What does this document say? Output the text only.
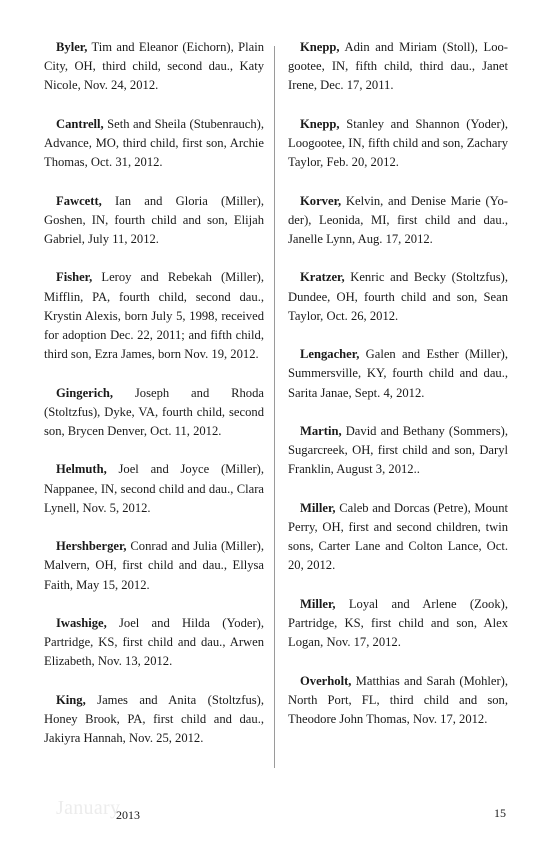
Byler, Tim and Eleanor (Eichorn), Plain City, OH, third child, second dau., Katy Nicole, Nov. 24, 2012.

Cantrell, Seth and Sheila (Stubenrauch), Advance, MO, third child, first son, Archie Thomas, Oct. 31, 2012.

Fawcett, Ian and Gloria (Miller), Goshen, IN, fourth child and son, Elijah Gabriel, July 11, 2012.

Fisher, Leroy and Rebekah (Miller), Mifflin, PA, fourth child, second dau., Krystin Alexis, born July 5, 1998, received for adoption Dec. 22, 2011; and fifth child, third son, Ezra James, born Nov. 19, 2012.

Gingerich, Joseph and Rhoda (Stoltzfus), Dyke, VA, fourth child, second son, Brycen Denver, Oct. 11, 2012.

Helmuth, Joel and Joyce (Miller), Nappanee, IN, second child and dau., Clara Lynell, Nov. 5, 2012.

Hershberger, Conrad and Julia (Miller), Malvern, OH, first child and dau., Ellysa Faith, May 15, 2012.

Iwashige, Joel and Hilda (Yoder), Partridge, KS, first child and dau., Arwen Elizabeth, Nov. 13, 2012.

King, James and Anita (Stoltzfus), Honey Brook, PA, first child and dau., Jakiyra Hannah, Nov. 25, 2012.

Knepp, Adin and Miriam (Stoll), Loogootee, IN, fifth child, third dau., Janet Irene, Dec. 17, 2011.

Knepp, Stanley and Shannon (Yoder), Loogootee, IN, fifth child and son, Zachary Taylor, Feb. 20, 2012.

Korver, Kelvin, and Denise Marie (Yoder), Leonida, MI, first child and dau., Janelle Lynn, Aug. 17, 2012.

Kratzer, Kenric and Becky (Stoltzfus), Dundee, OH, fourth child and son, Sean Taylor, Oct. 26, 2012.

Lengacher, Galen and Esther (Miller), Summersville, KY, fourth child and dau., Sarita Janae, Sept. 4, 2012.

Martin, David and Bethany (Sommers), Sugarcreek, OH, first child and son, Daryl Franklin, August 3, 2012..

Miller, Caleb and Dorcas (Petre), Mount Perry, OH, first and second children, twin sons, Carter Lane and Colton Lance, Oct. 20, 2012.

Miller, Loyal and Arlene (Zook), Partridge, KS, first child and son, Alex Logan, Nov. 17, 2012.

Overholt, Matthias and Sarah (Mohler), North Port, FL, third child and son, Theodore John Thomas, Nov. 17, 2012.

January
2013	15
